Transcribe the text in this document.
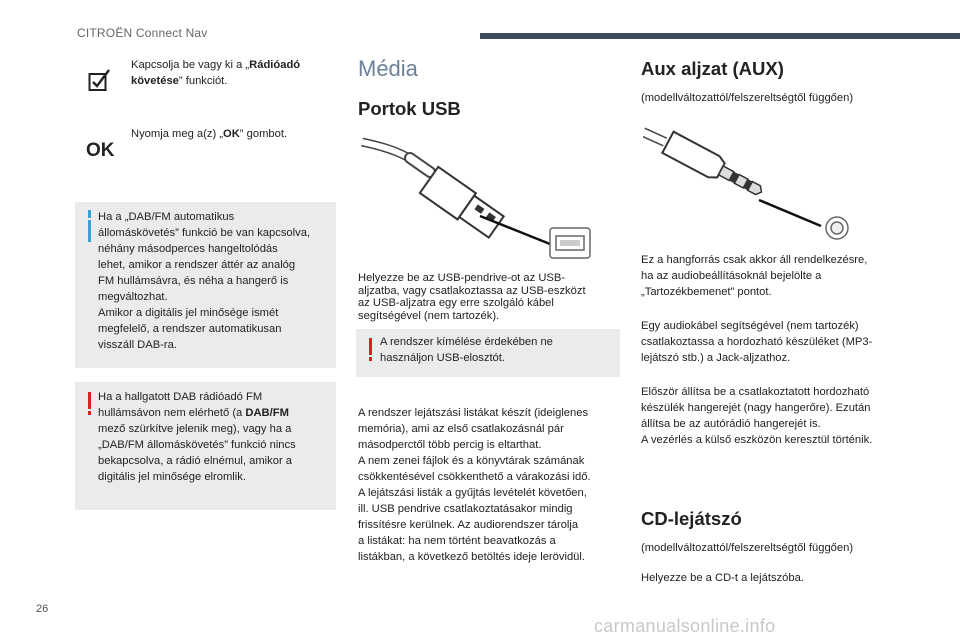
CITROËN Connect Nav
Kapcsolja be vagy ki a „Rádióadó követése” funkciót.
OK
Nyomja meg a(z) „OK” gombot.
Ha a „DAB/FM automatikus
állomáskövetés” funkció be van kapcsolva,
néhány másodperces hangeltolódás
lehet, amikor a rendszer áttér az analóg
FM hullámsávra, és néha a hangerő is
megváltozhat.
Amikor a digitális jel minősége ismét
megfelelő, a rendszer automatikusan
visszáll DAB-ra.
Ha a hallgatott DAB rádióadó FM
hullámsávon nem elérhető (a DAB/FM
mező szürkítve jelenik meg), vagy ha a
„DAB/FM állomáskövetés” funkció nincs
bekapcsolva, a rádió elnémul, amikor a
digitális jel minősége elromlik.
Média
Portok USB
Helyezze be az USB-pendrive-ot az USB-
aljzatba, vagy csatlakoztassa az USB-eszközt
az USB-aljzatra egy erre szolgáló kábel
segítségével (nem tartozék).
A rendszer kímélése érdekében ne
használjon USB-elosztót.
A rendszer lejátszási listákat készít (ideiglenes
memória), ami az első csatlakozásnál pár
másodperctől több percig is eltarthat.
A nem zenei fájlok és a könyvtárak számának
csökkentésével csökkenthető a várakozási idő.
A lejátszási listák a gyűjtás levételét követően,
ill. USB pendrive csatlakoztatásakor mindig
frissítésre kerülnek. Az audiorendszer tárolja
a listákat: ha nem történt beavatkozás a
listákban, a következő betöltés ideje lerövidül.
Aux aljzat (AUX)
(modellváltozattól/felszereltségtől függően)
Ez a hangforrás csak akkor áll rendelkezésre,
ha az audiobeállításoknál bejelölte a
„Tartozékbemenet” pontot.
Egy audiokábel segítségével (nem tartozék)
csatlakoztassa a hordozható készüléket (MP3-
lejátszó stb.) a Jack-aljzathoz.
Először állítsa be a csatlakoztatott hordozható
készülék hangerejét (nagy hangerőre). Ezután
állítsa be az autórádió hangerejét is.
A vezérlés a külső eszközön keresztül történik.
CD-lejátszó
(modellváltozattól/felszereltségtől függően)
Helyezze be a CD-t a lejátszóba.
26
carmanualsonline.info
